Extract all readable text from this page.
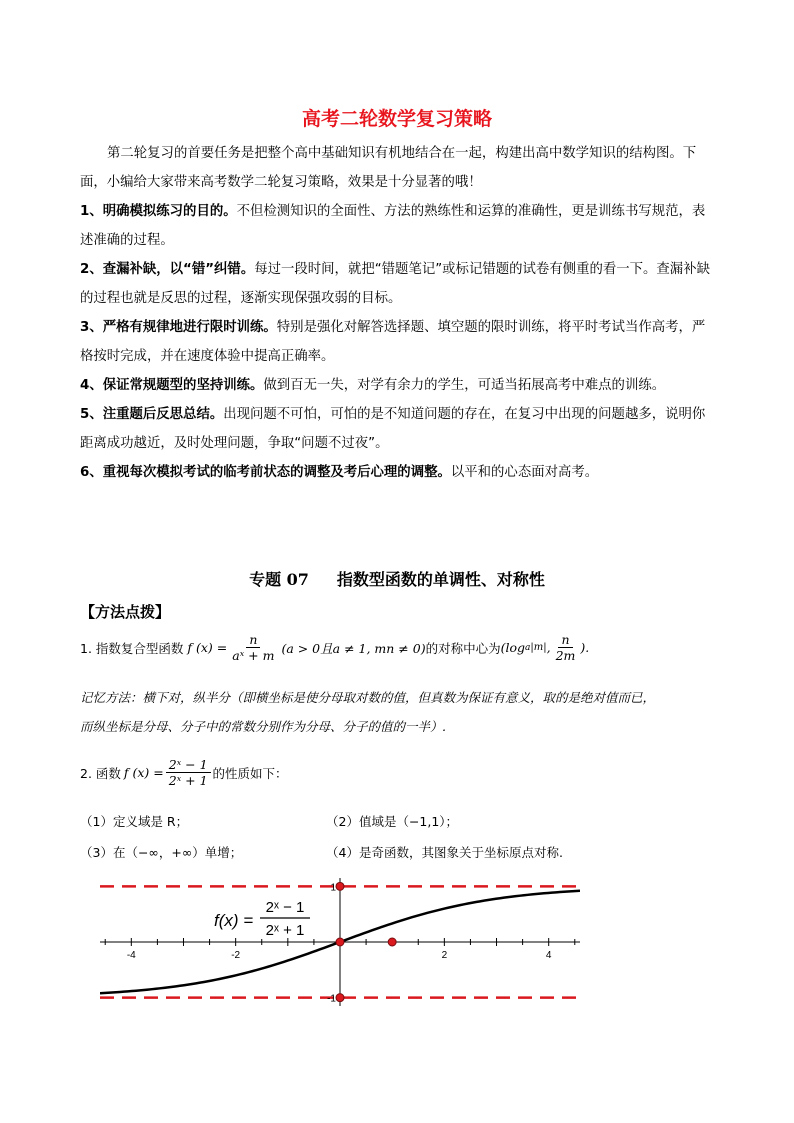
高考二轮数学复习策略
第二轮复习的首要任务是把整个高中基础知识有机地结合在一起，构建出高中数学知识的结构图。下
面，小编给大家带来高考数学二轮复习策略，效果是十分显著的哦！
1、明确模拟练习的目的。不但检测知识的全面性、方法的熟练性和运算的准确性，更是训练书写规范，表
述准确的过程。
2、查漏补缺，以“错”纠错。每过一段时间，就把“错题笔记”或标记错题的试卷有侧重的看一下。查漏补缺
的过程也就是反思的过程，逐渐实现保强攻弱的目标。
3、严格有规律地进行限时训练。特别是强化对解答选择题、填空题的限时训练，将平时考试当作高考，严
格按时完成，并在速度体验中提高正确率。
4、保证常规题型的坚持训练。做到百无一失，对学有余力的学生，可适当拓展高考中难点的训练。
5、注重题后反思总结。出现问题不可怕，可怕的是不知道问题的存在，在复习中出现的问题越多，说明你
距离成功越近，及时处理问题，争取“问题不过夜”。
6、重视每次模拟考试的临考前状态的调整及考后心理的调整。以平和的心态面对高考。
专题 07 指数型函数的单调性、对称性
【方法点拨】
1. 指数复合型函数 f $(x) = \frac{n}{\text{aˣ + m}} (a > 0$且a ≠ 1, mn ≠ 0) 的对称中心为 (log a |m| , $\frac{n}{2m}$ ).
记忆方法：横下对，纵半分（即横坐标是使分母取对数的值，但真数为保证有意义，取的是绝对值而已，
而纵坐标是分母、分子中的常数分别作为分母、分子的值的一半）.
2. 函数 f $(x) = \frac{\text{2ˣ − 1}}{\text{2ˣ + 1}}$ 的性质如下：
（1）定义域是 R；	（2）值域是（−1,1）；
（3）在（−∞，+∞）单增；	（4）是奇函数，其图象关于坐标原点对称.
-4	-2	2	4
1
-1
f(x) =
2ˣ − 1
2ˣ + 1
